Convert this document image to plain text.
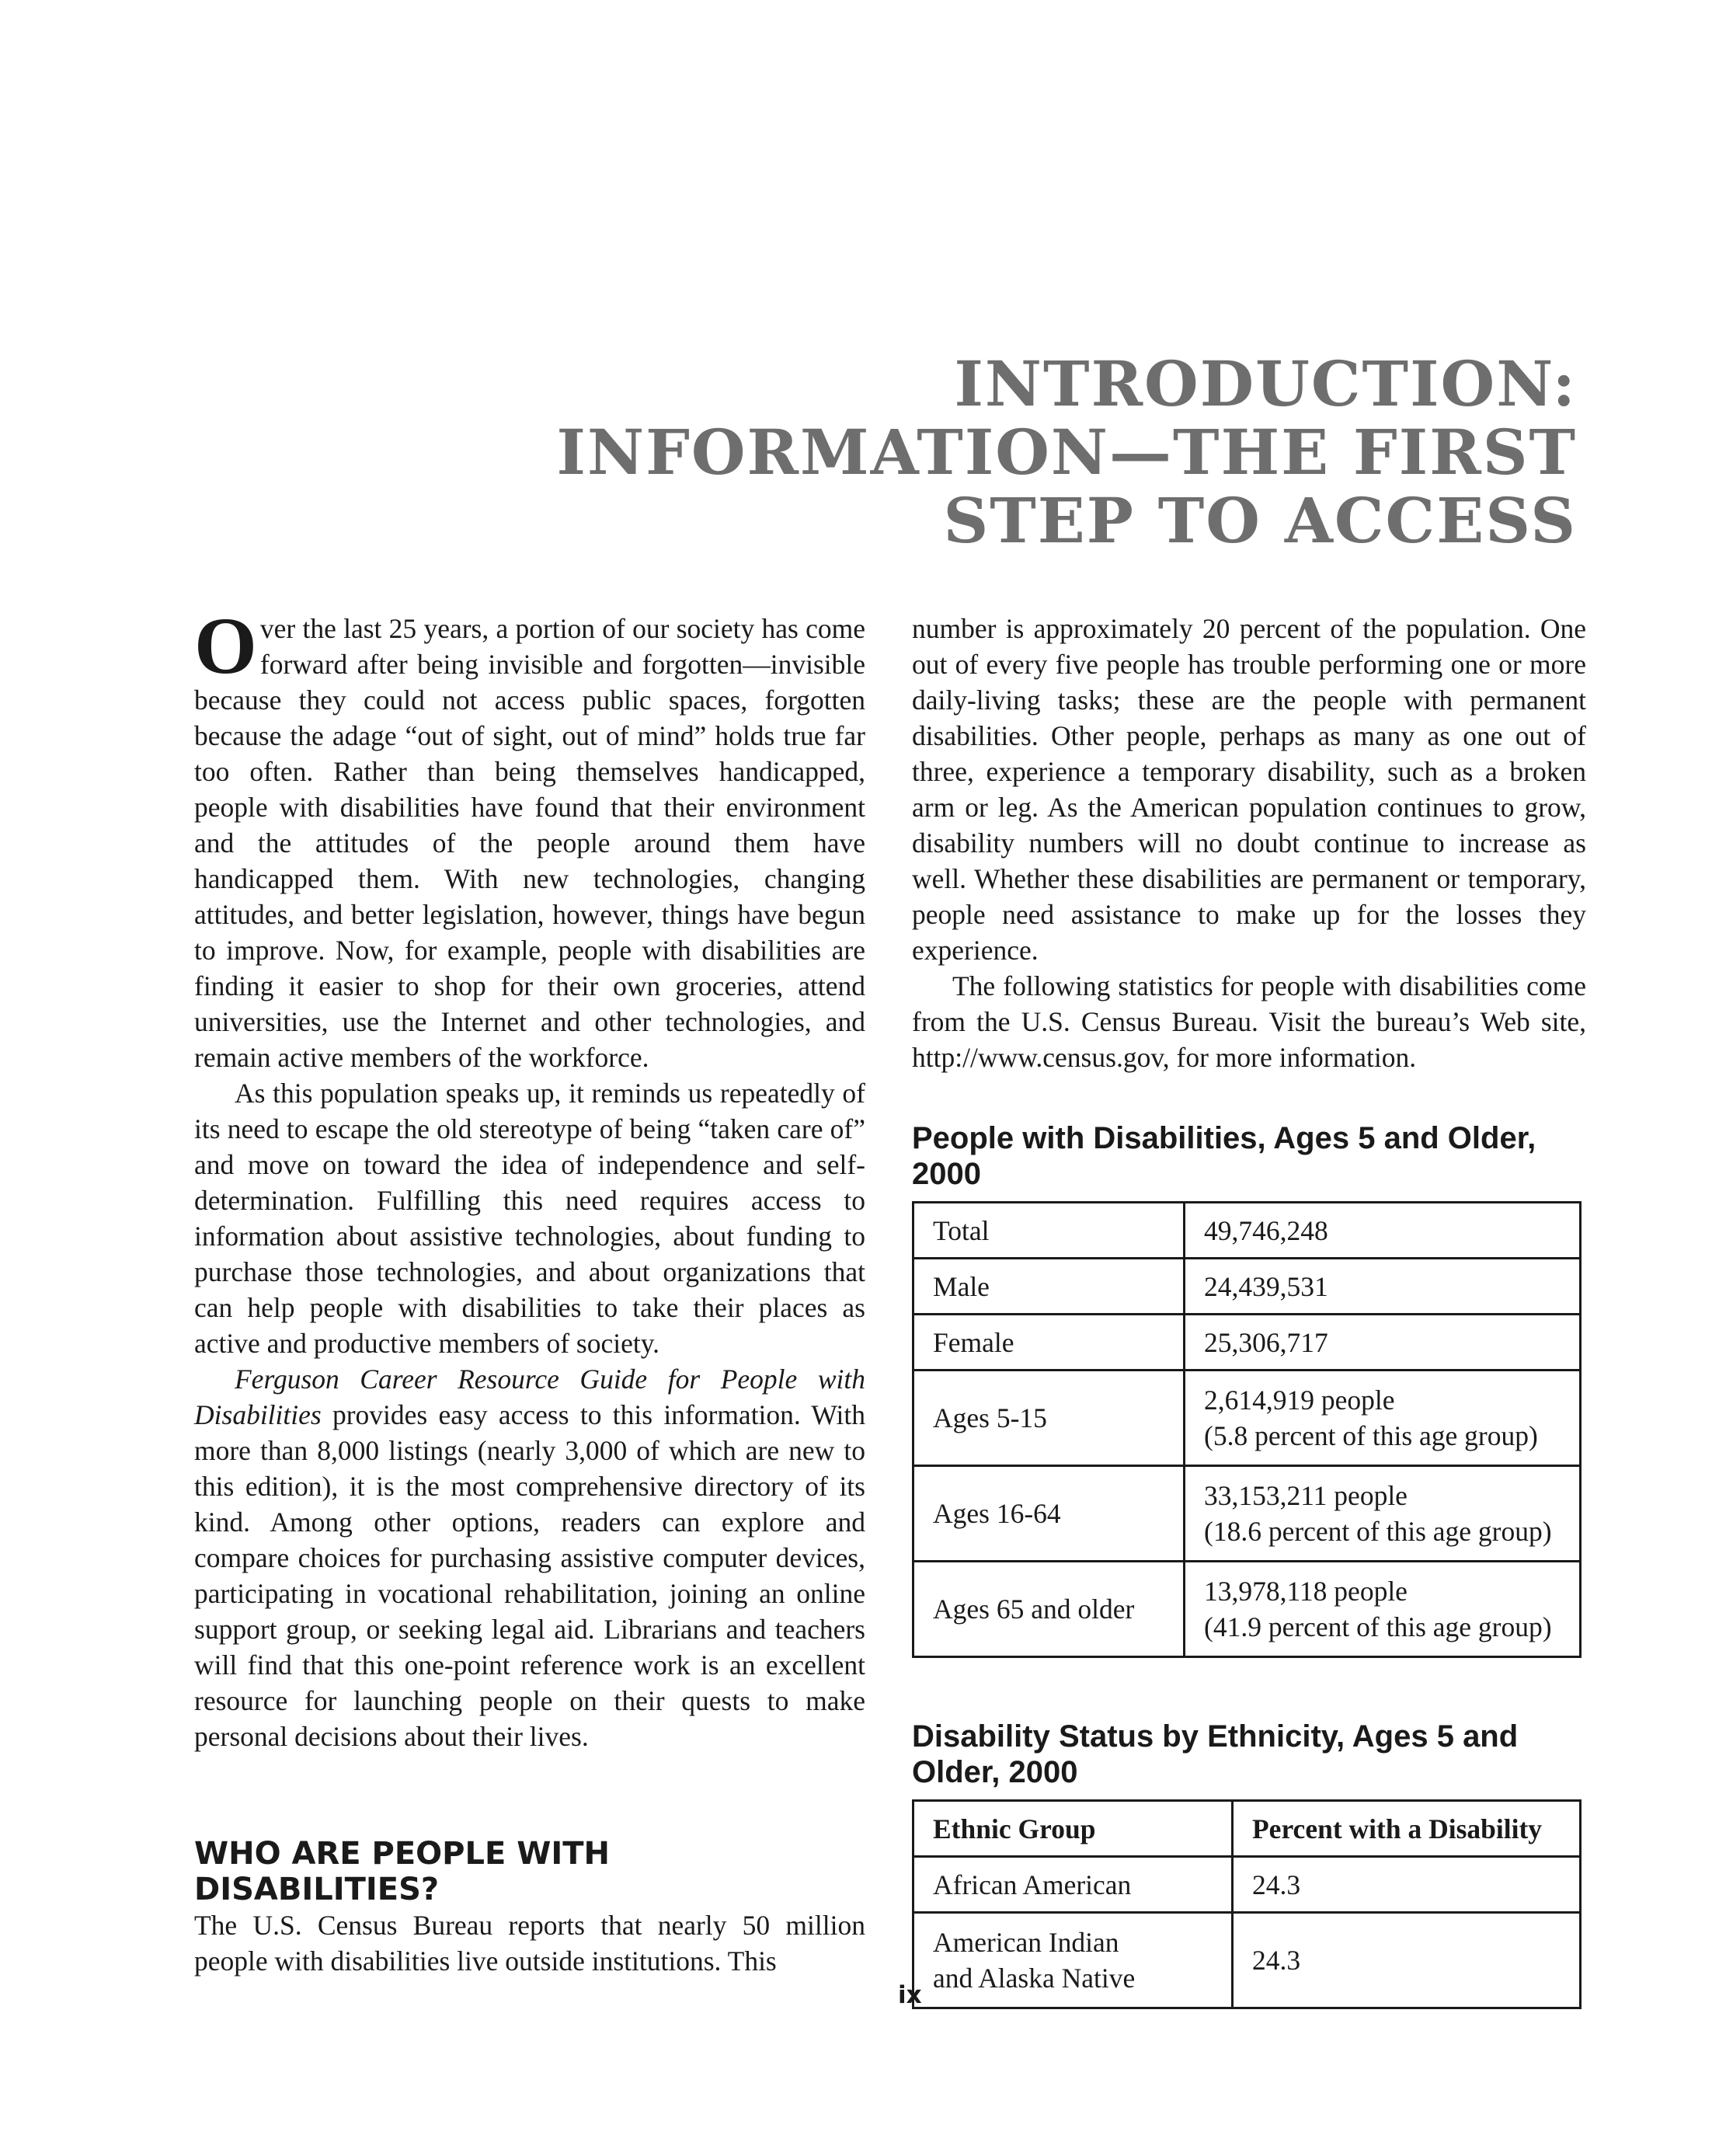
INTRODUCTION:
INFORMATION—THE FIRST
STEP TO ACCESS

Over the last 25 years, a portion of our society has come forward after being invisible and forgotten—invisible because they could not access public spaces, forgotten because the adage “out of sight, out of mind” holds true far too often. Rather than being themselves handicapped, people with disabilities have found that their environment and the attitudes of the people around them have handicapped them. With new technologies, changing attitudes, and better legislation, however, things have begun to improve. Now, for example, people with disabilities are finding it easier to shop for their own groceries, attend universities, use the Internet and other technologies, and remain active members of the workforce.

As this population speaks up, it reminds us repeatedly of its need to escape the old stereotype of being “taken care of” and move on toward the idea of independence and self-determination. Fulfilling this need requires access to information about assistive technologies, about funding to purchase those technologies, and about organizations that can help people with disabilities to take their places as active and productive members of society.

Ferguson Career Resource Guide for People with Disabilities provides easy access to this information. With more than 8,000 listings (nearly 3,000 of which are new to this edition), it is the most comprehensive directory of its kind. Among other options, readers can explore and compare choices for purchasing assistive computer devices, participating in vocational rehabilitation, joining an online support group, or seeking legal aid. Librarians and teachers will find that this one-point reference work is an excellent resource for launching people on their quests to make personal decisions about their lives.

WHO ARE PEOPLE WITH DISABILITIES?

The U.S. Census Bureau reports that nearly 50 million people with disabilities live outside institutions. This

number is approximately 20 percent of the population. One out of every five people has trouble performing one or more daily-living tasks; these are the people with permanent disabilities. Other people, perhaps as many as one out of three, experience a temporary disability, such as a broken arm or leg. As the American population continues to grow, disability numbers will no doubt continue to increase as well. Whether these disabilities are permanent or temporary, people need assistance to make up for the losses they experience.

The following statistics for people with disabilities come from the U.S. Census Bureau. Visit the bureau’s Web site, http://www.census.gov, for more information.

People with Disabilities, Ages 5 and Older, 2000
Total	49,746,248
Male	24,439,531
Female	25,306,717
Ages 5-15	2,614,919 people
(5.8 percent of this age group)
Ages 16-64	33,153,211 people
(18.6 percent of this age group)
Ages 65 and older	13,978,118 people
(41.9 percent of this age group)
Disability Status by Ethnicity, Ages 5 and Older, 2000
Ethnic Group	Percent with a Disability
African American	24.3
American Indian
and Alaska Native	24.3
ix
